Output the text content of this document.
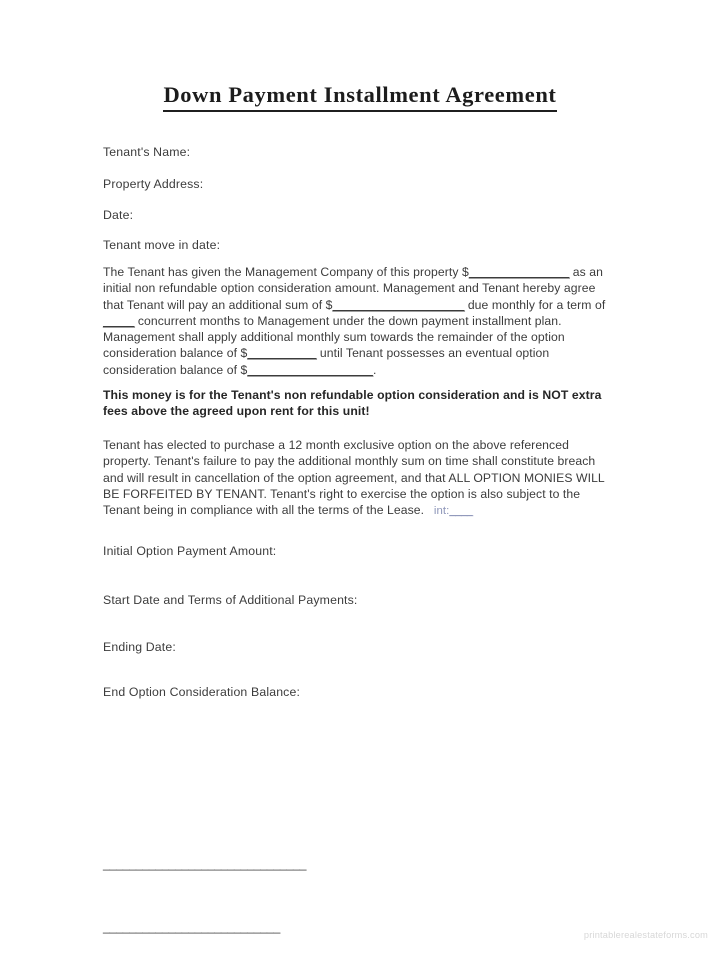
Down Payment Installment Agreement
Tenant's Name:
Property Address:
Date:
Tenant move in date:
The Tenant has given the Management Company of this property $________________ as an initial non refundable option consideration amount. Management and Tenant hereby agree that Tenant will pay an additional sum of $_____________________ due monthly for a term of _____ concurrent months to Management under the down payment installment plan. Management shall apply additional monthly sum towards the remainder of the option consideration balance of $___________ until Tenant possesses an eventual option consideration balance of $____________________.
This money is for the Tenant's non refundable option consideration and is NOT extra fees above the agreed upon rent for this unit!
Tenant has elected to purchase a 12 month exclusive option on the above referenced property. Tenant's failure to pay the additional monthly sum on time shall constitute breach and will result in cancellation of the option agreement, and that ALL OPTION MONIES WILL BE FORFEITED BY TENANT. Tenant's right to exercise the option is also subject to the Tenant being in compliance with all the terms of the Lease. int:____
Initial Option Payment Amount:
Start Date and Terms of Additional Payments:
Ending Date:
End Option Consideration Balance:

_______________________________

___________________________

printablerealestateforms.com
